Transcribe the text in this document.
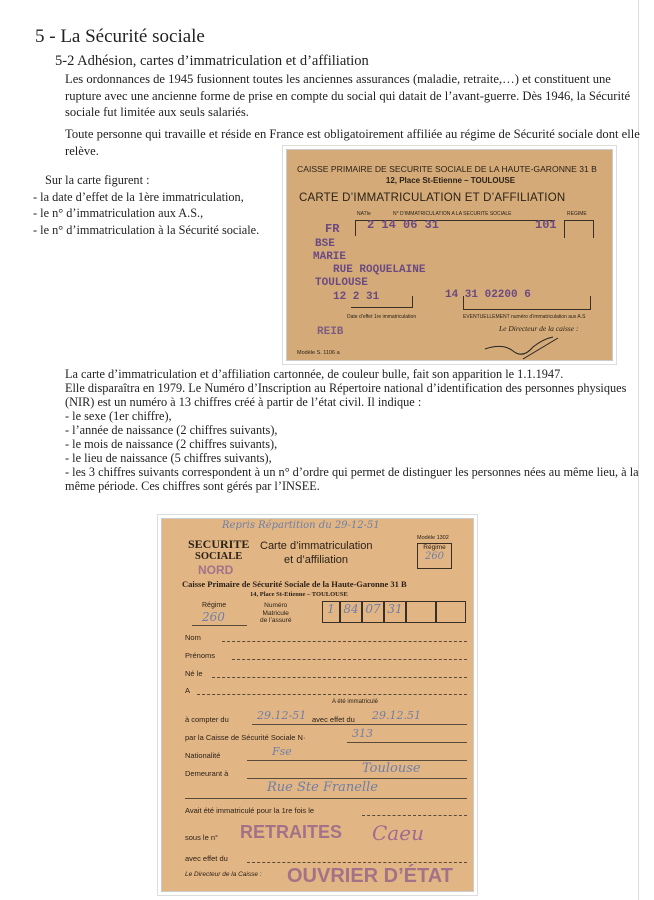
5 - La Sécurité sociale
5-2 Adhésion, cartes d’immatriculation et d’affiliation
Les ordonnances de 1945 fusionnent toutes les anciennes assurances (maladie, retraite,…) et constituent une rupture avec une ancienne forme de prise en compte du social qui datait de l’avant-guerre. Dès 1946, la Sécurité sociale fut limitée aux seuls salariés.
Toute personne qui travaille et réside en France est obligatoirement affiliée au régime de Sécurité sociale dont elle relève.
Sur la carte figurent :
- la date d’effet de la 1ère immatriculation,
- le n° d’immatriculation aux A.S.,
- le n° d’immatriculation à la Sécurité sociale.
CAISSE PRIMAIRE DE SECURITE SOCIALE DE LA HAUTE-GARONNE 31 B
12, Place St-Etienne – TOULOUSE
CARTE D’IMMATRICULATION ET D’AFFILIATION
NATIe	N° D’IMMATRICULATION A LA SECURITE SOCIALE	REGIME
FR 2 14 06 31	101
BSE
MARIE
RUE ROQUELAINE
TOULOUSE
12 2 31	14 31 02200 6
Date d’effet 1re immatriculation	EVENTUELLEMENT numéro d’immatriculation aux A.S
Le Directeur de la caisse :
REIB
Modèle S. 1106 a
La carte d’immatriculation et d’affiliation cartonnée, de couleur bulle, fait son apparition le 1.1.1947.
Elle disparaîtra en 1979. Le Numéro d’Inscription au Répertoire national d’identification des personnes physiques (NIR) est un numéro à 13 chiffres créé à partir de l’état civil. Il indique :
- le sexe (1er chiffre),
- l’année de naissance (2 chiffres suivants),
- le mois de naissance (2 chiffres suivants),
- le lieu de naissance (5 chiffres suivants),
- les 3 chiffres suivants correspondent à un n° d’ordre qui permet de distinguer les personnes nées au même lieu, à la même période. Ces chiffres sont gérés par l’INSEE.
Repris Répartition du 29-12-51
SECURITE
SOCIALE
NORD
Carte d’immatriculation
et d’affiliation
Modèle 1302
Régime
260
Caisse Primaire de Sécurité Sociale de la Haute-Garonne 31 B
14, Place St-Etienne – TOULOUSE
Régime
260
Numéro
Matricule
de l’assuré
1 84 07 31
Nom
Prénoms
Né le
A
A été immatriculé
à compter du	29.12-51 avec effet du 29.12.51
par la Caisse de Sécurité Sociale N·	313
Nationalité	Fse
Demeurant à	Toulouse
Rue Ste Franelle
Avait été immatriculé pour la 1re fois le
sous le n° RETRAITES Caeu
avec effet du
Le Directeur de la Caisse : OUVRIER D’ÉTAT
